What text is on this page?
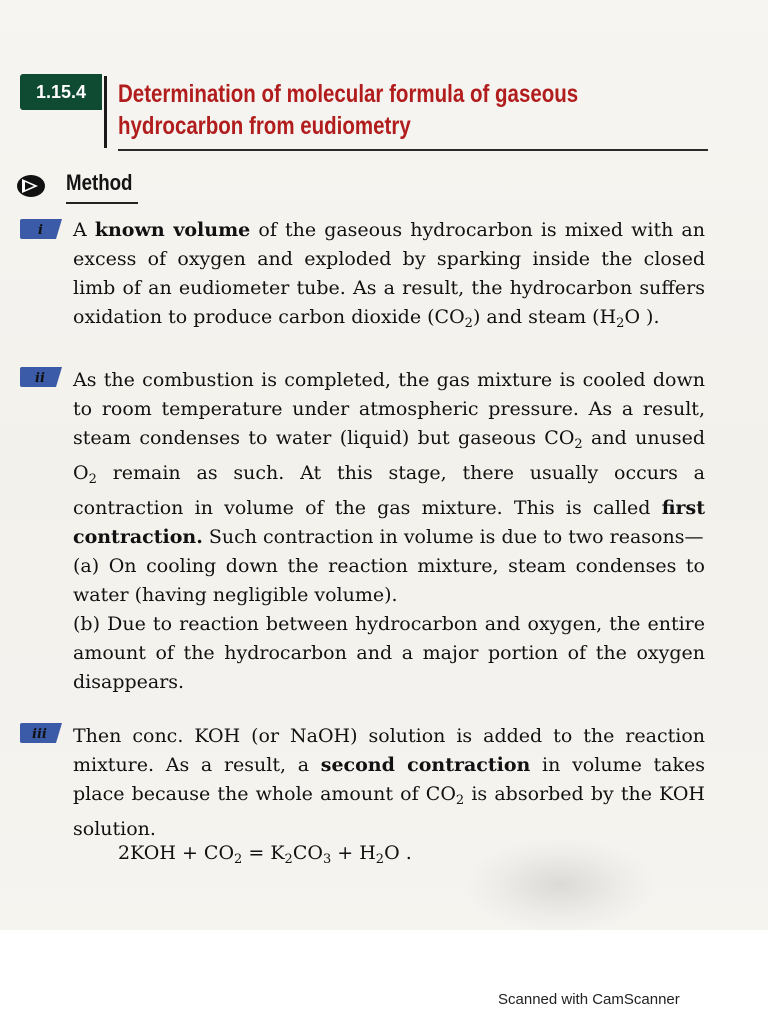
1.15.4	Determination of molecular formula of gaseous
hydrocarbon from eudiometry
Method
i
ii
iii

A known volume of the gaseous hydrocarbon is mixed with an excess of oxygen and exploded by sparking inside the closed limb of an eudiometer tube. As a result, the hydrocarbon suffers oxidation to produce carbon dioxide $(CO_2)$ and steam ($H_2O$ ).

As the combustion is completed, the gas mixture is cooled down to room temperature under atmospheric pressure. As a result, steam condenses to water (liquid) but gaseous $CO_2$ and unused $O_2$ remain as such. At this stage, there usually occurs a contraction in volume of the gas mixture. This is called first contraction. Such contraction in volume is due to two reasons—

(a) On cooling down the reaction mixture, steam condenses to water (having negligible volume).

(b) Due to reaction between hydrocarbon and oxygen, the entire amount of the hydrocarbon and a major portion of the oxygen disappears.

Then conc. KOH (or NaOH) solution is added to the reaction mixture. As a result, a second contraction in volume takes place because the whole amount of $CO_2$ is absorbed by the KOH solution.

$2KOH + CO_2 = K_2CO_3 + H_2O$ .
Scanned with CamScanner
